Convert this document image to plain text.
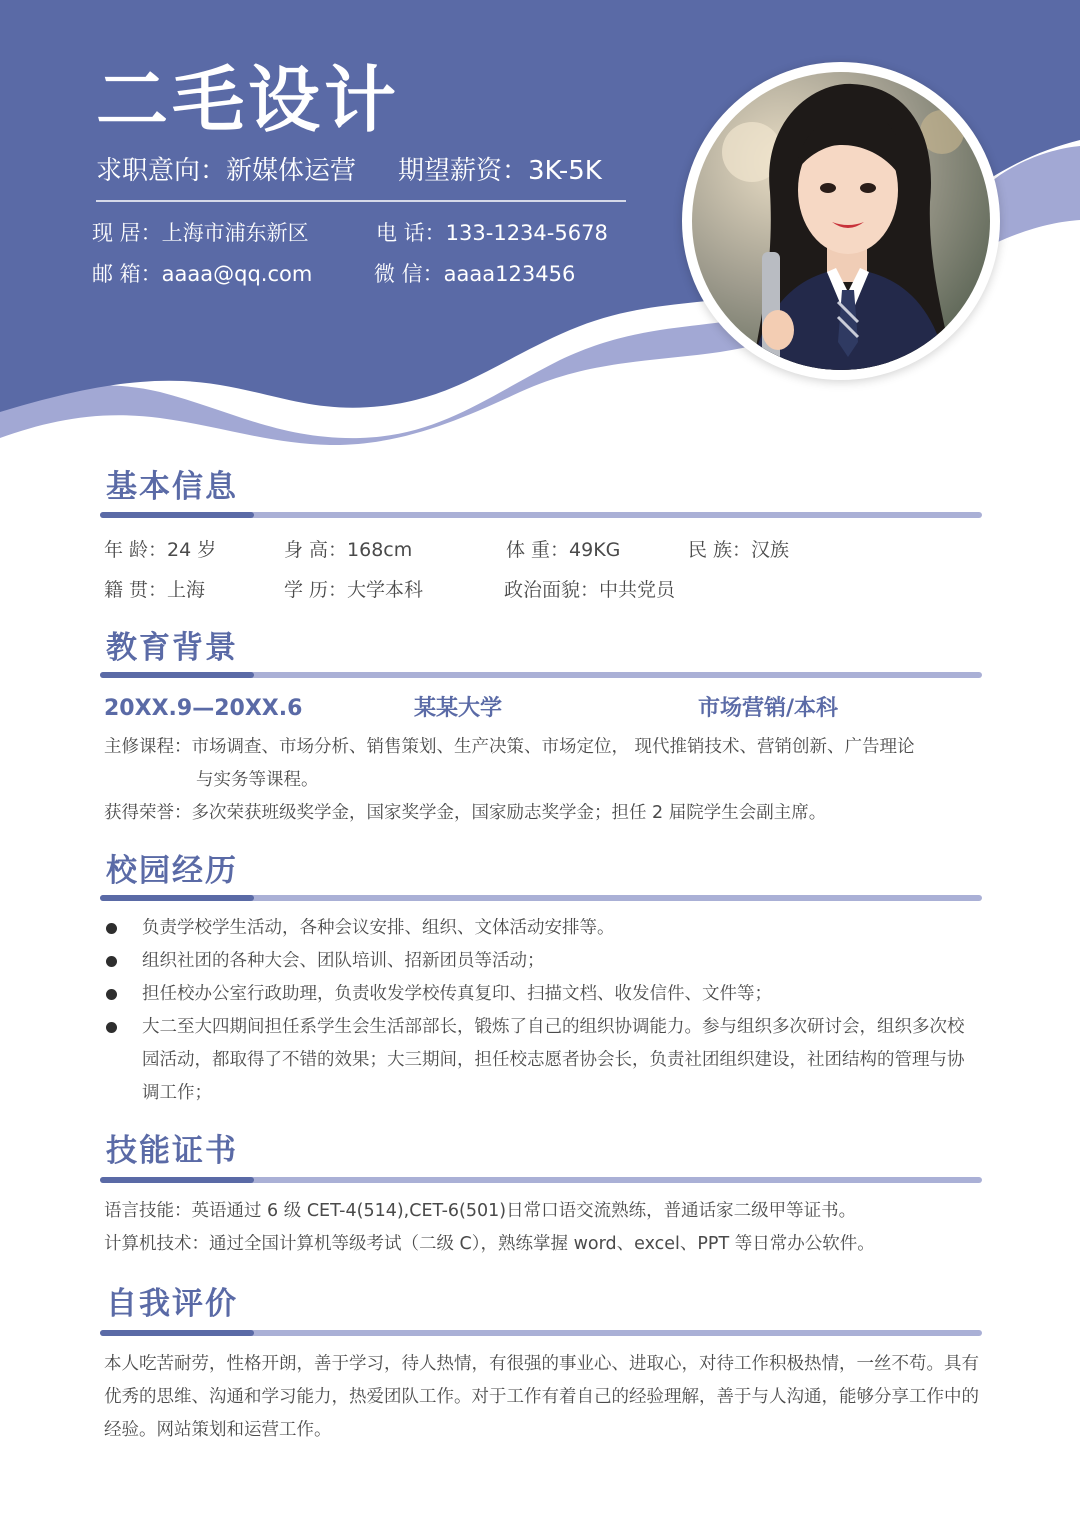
二毛设计
求职意向：新媒体运营 期望薪资：3K-5K
现 居：上海市浦东新区	电 话：133-1234-5678
邮 箱：aaaa@qq.com	微 信：aaaa123456
基本信息
年 龄：24 岁	身 高：168cm	体 重：49KG	民 族：汉族
籍 贯：上海	学 历：大学本科	政治面貌：中共党员
教育背景
20XX.9—20XX.6	某某大学	市场营销/本科
主修课程：市场调查、市场分析、销售策划、生产决策、市场定位， 现代推销技术、营销创新、广告理论
与实务等课程。
获得荣誉：多次荣获班级奖学金，国家奖学金，国家励志奖学金；担任 2 届院学生会副主席。
校园经历
负责学校学生活动，各种会议安排、组织、文体活动安排等。
组织社团的各种大会、团队培训、招新团员等活动；
担任校办公室行政助理，负责收发学校传真复印、扫描文档、收发信件、文件等；
大二至大四期间担任系学生会生活部部长，锻炼了自己的组织协调能力。参与组织多次研讨会，组织多次校园活动，都取得了不错的效果；大三期间，担任校志愿者协会长，负责社团组织建设，社团结构的管理与协调工作；
技能证书
语言技能：英语通过 6 级 CET-4(514),CET-6(501)日常口语交流熟练，普通话家二级甲等证书。
计算机技术：通过全国计算机等级考试（二级 C），熟练掌握 word、excel、PPT 等日常办公软件。
自我评价
本人吃苦耐劳，性格开朗，善于学习，待人热情，有很强的事业心、进取心，对待工作积极热情，一丝不苟。具有优秀的思维、沟通和学习能力，热爱团队工作。对于工作有着自己的经验理解，善于与人沟通，能够分享工作中的经验。网站策划和运营工作。
